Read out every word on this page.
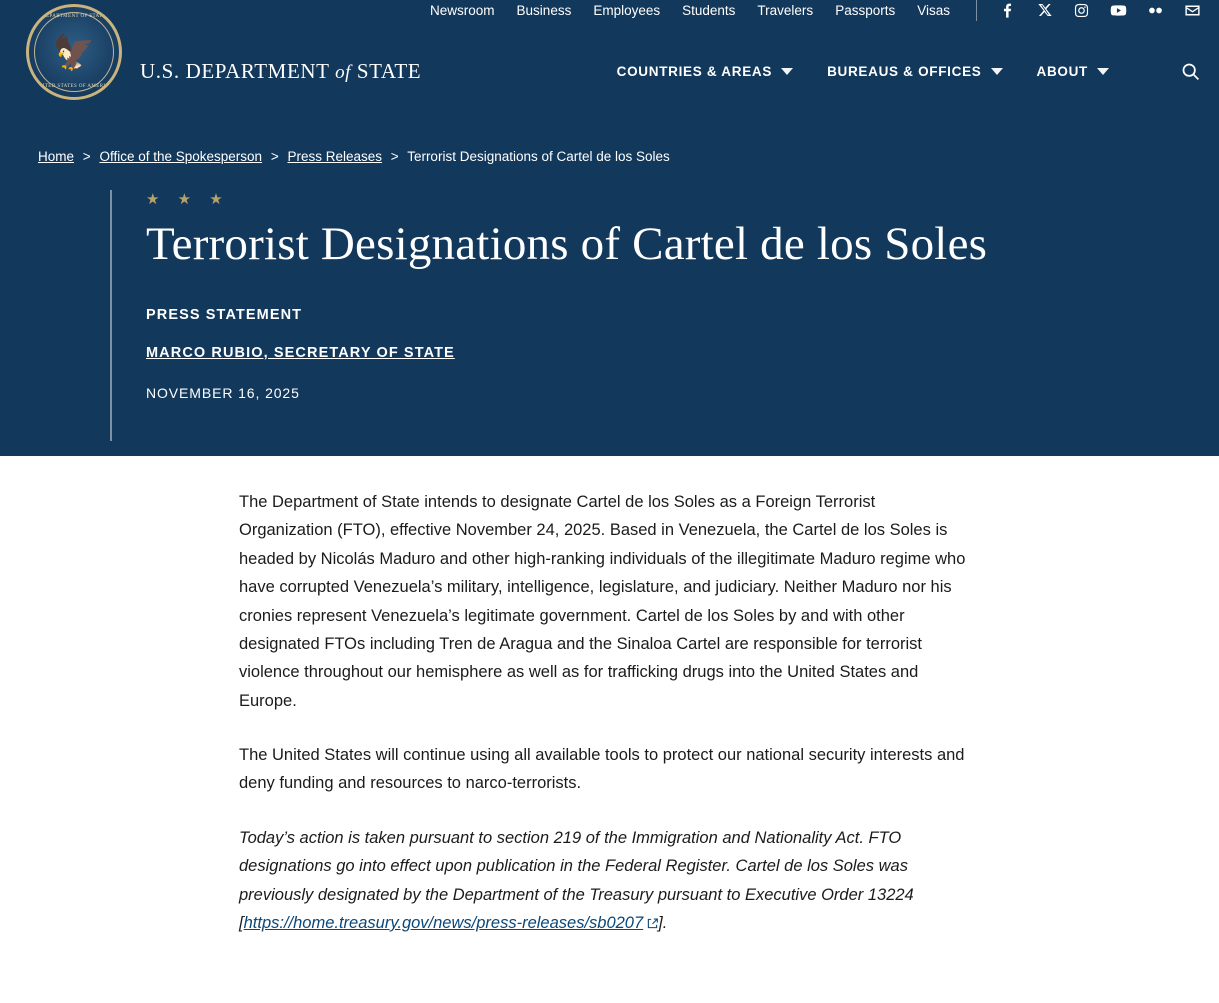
Newsroom Business Employees Students Travelers Passports Visas
DEPARTMENT OF STATE
🦅
UNITED STATES OF AMERICA
U.S. DEPARTMENT of STATE	COUNTRIES & AREAS	BUREAUS & OFFICES	ABOUT
Home > Office of the Spokesperson > Press Releases > Terrorist Designations of Cartel de los Soles
★ ★ ★
Terrorist Designations of Cartel de los Soles
PRESS STATEMENT
MARCO RUBIO, SECRETARY OF STATE
NOVEMBER 16, 2025

The Department of State intends to designate Cartel de los Soles as a Foreign Terrorist Organization (FTO), effective November 24, 2025. Based in Venezuela, the Cartel de los Soles is headed by Nicolás Maduro and other high-ranking individuals of the illegitimate Maduro regime who have corrupted Venezuela’s military, intelligence, legislature, and judiciary. Neither Maduro nor his cronies represent Venezuela’s legitimate government. Cartel de los Soles by and with other designated FTOs including Tren de Aragua and the Sinaloa Cartel are responsible for terrorist violence throughout our hemisphere as well as for trafficking drugs into the United States and Europe.

The United States will continue using all available tools to protect our national security interests and deny funding and resources to narco-terrorists.

Today’s action is taken pursuant to section 219 of the Immigration and Nationality Act. FTO designations go into effect upon publication in the Federal Register. Cartel de los Soles was previously designated by the Department of the Treasury pursuant to Executive Order 13224 [https://home.treasury.gov/news/press-releases/sb0207 ].
